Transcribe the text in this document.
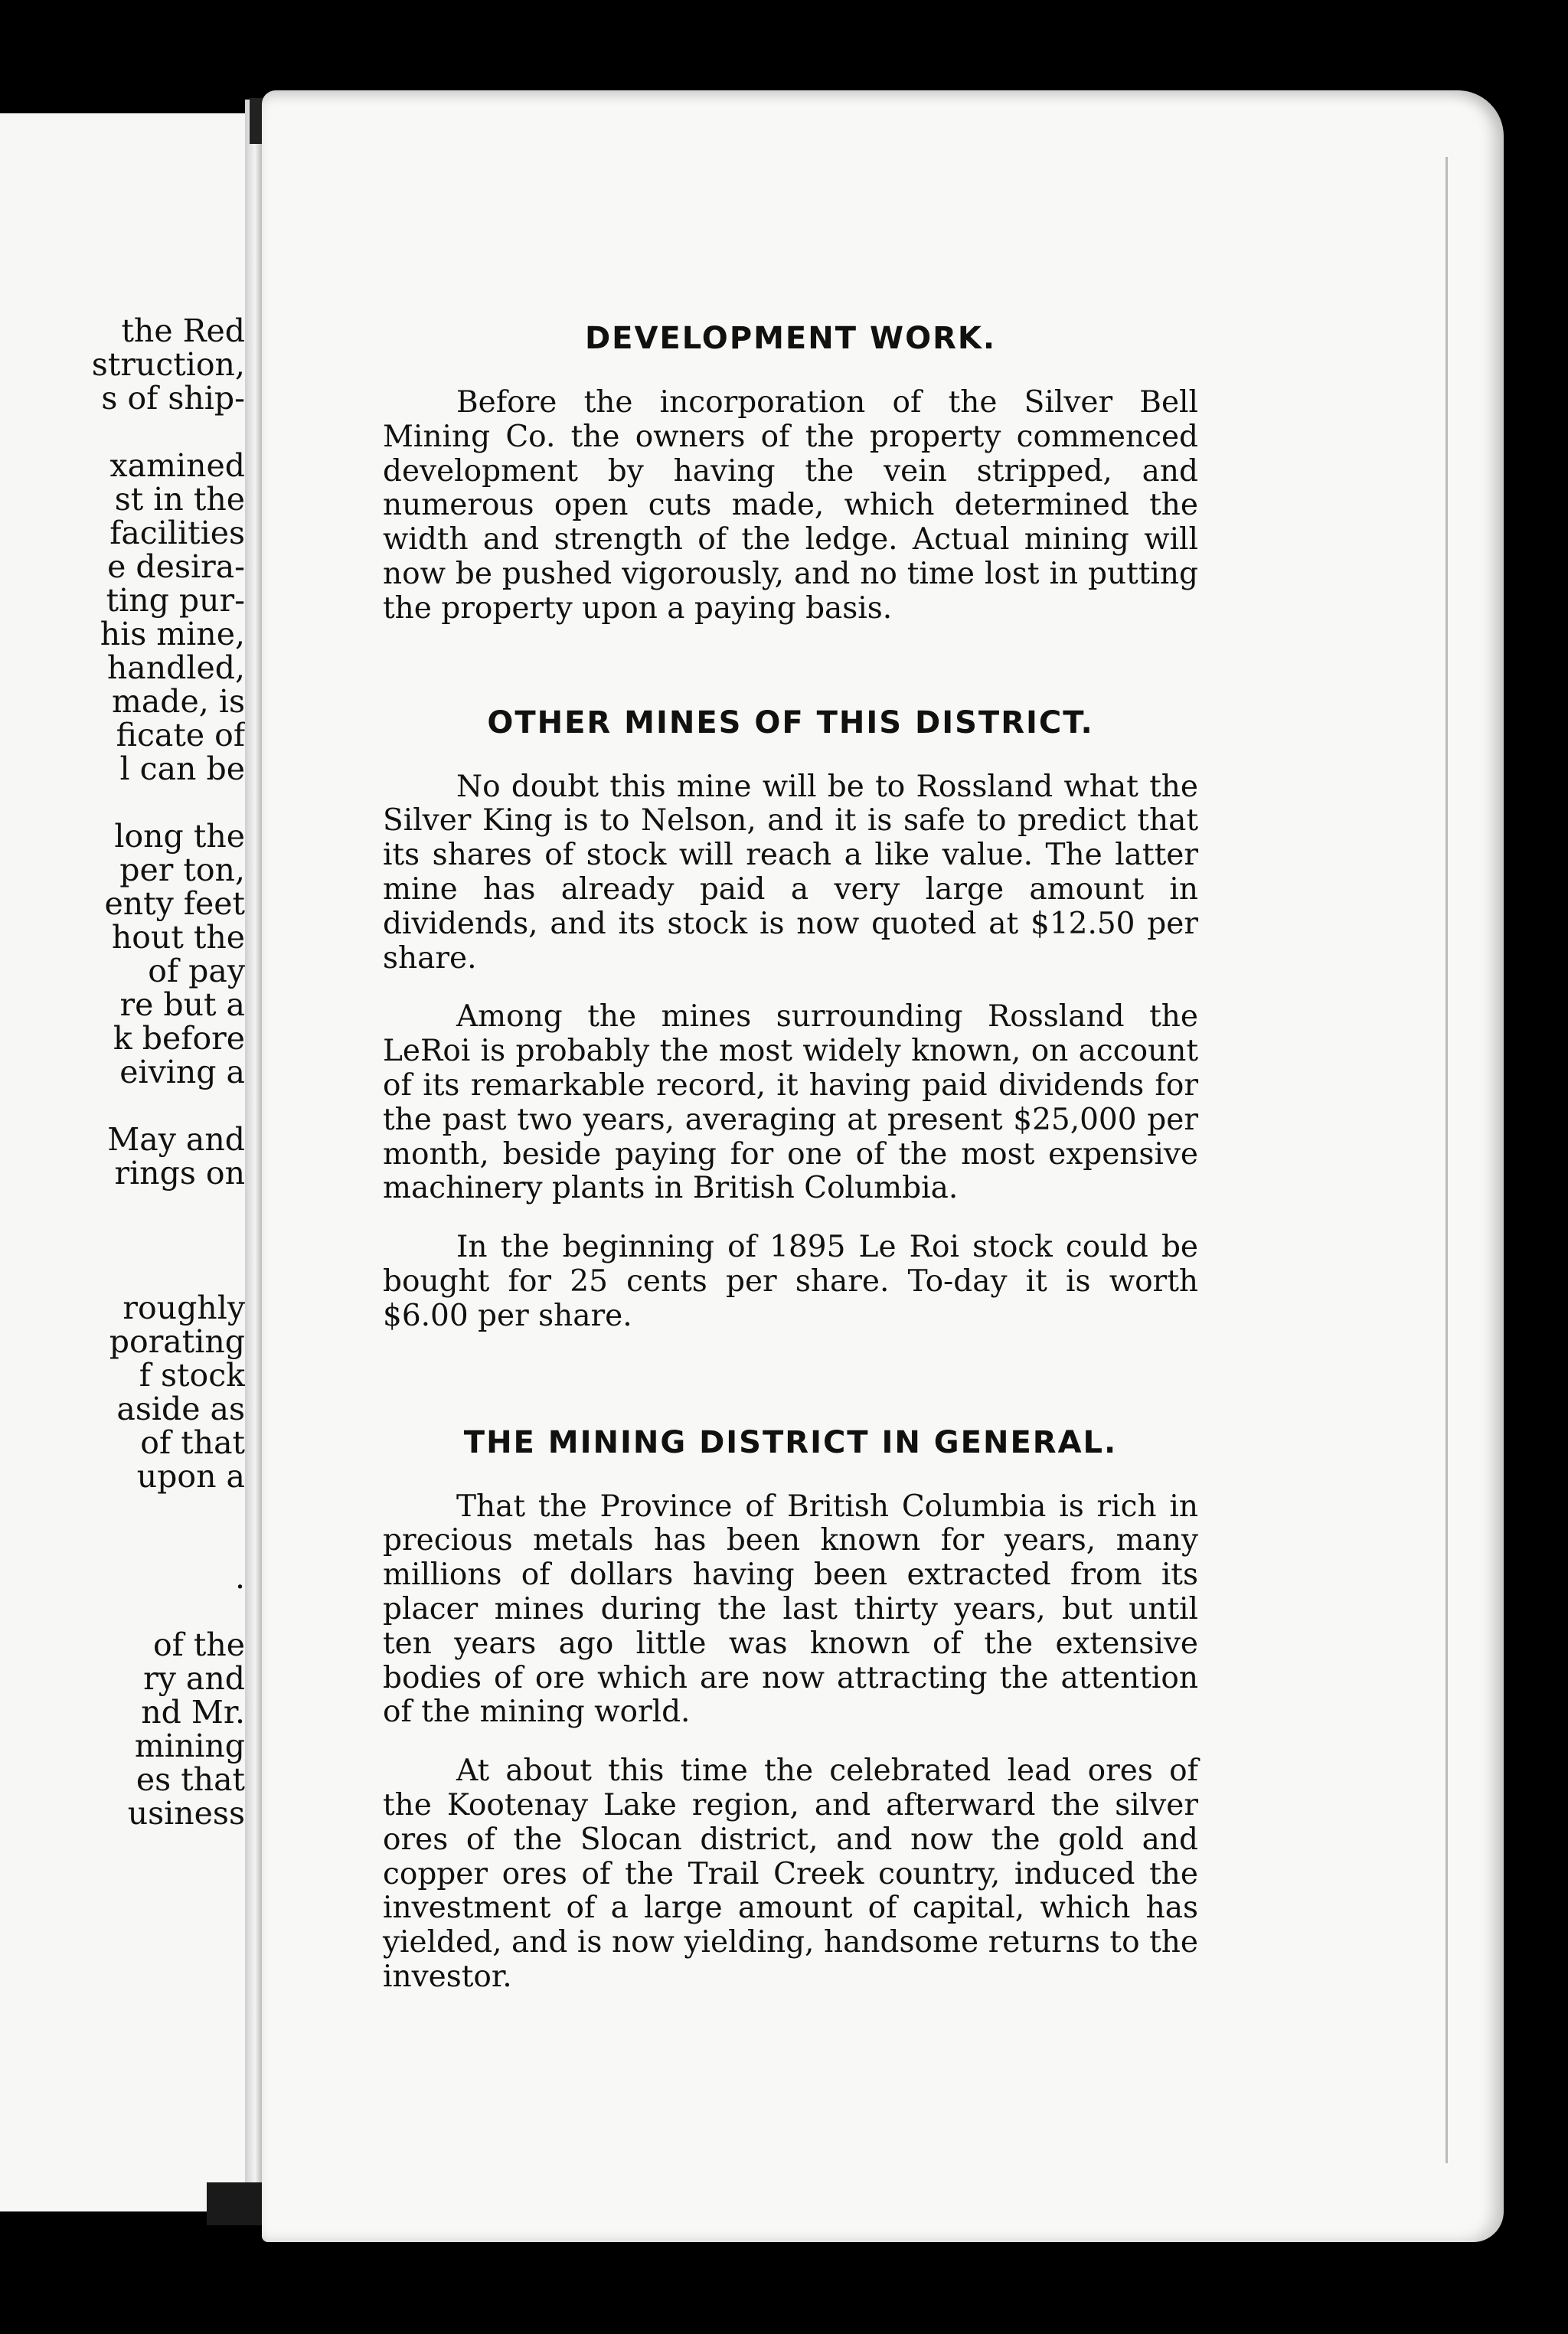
the Red
struction,
s of ship-
xamined
st in the
facilities
e desira-
ting pur-
his mine,
handled,
made, is
ficate of
l can be
long the
per ton,
enty feet
hout the
of pay
re but a
k before
eiving a
May and
rings on
roughly
porating
f stock
aside as
of that
upon a
.
of the
ry and
nd Mr.
mining
es that
usiness
DEVELOPMENT WORK.

Before the incorporation of the Silver Bell Mining Co. the owners of the property commenced development by having the vein stripped, and numerous open cuts made, which determined the width and strength of the ledge. Actual mining will now be pushed vigorously, and no time lost in putting the property upon a paying basis.

OTHER MINES OF THIS DISTRICT.

No doubt this mine will be to Rossland what the Silver King is to Nelson, and it is safe to predict that its shares of stock will reach a like value. The latter mine has already paid a very large amount in dividends, and its stock is now quoted at $12.50 per share.

Among the mines surrounding Rossland the LeRoi is probably the most widely known, on account of its remarkable record, it having paid dividends for the past two years, averaging at present $25,000 per month, beside paying for one of the most expensive machinery plants in British Columbia.

In the beginning of 1895 Le Roi stock could be bought for 25 cents per share. To-day it is worth $6.00 per share.

THE MINING DISTRICT IN GENERAL.

That the Province of British Columbia is rich in precious metals has been known for years, many millions of dollars having been extracted from its placer mines during the last thirty years, but until ten years ago little was known of the extensive bodies of ore which are now attracting the attention of the mining world.

At about this time the celebrated lead ores of the Kootenay Lake region, and afterward the silver ores of the Slocan district, and now the gold and copper ores of the Trail Creek country, induced the investment of a large amount of capital, which has yielded, and is now yielding, handsome returns to the investor.
